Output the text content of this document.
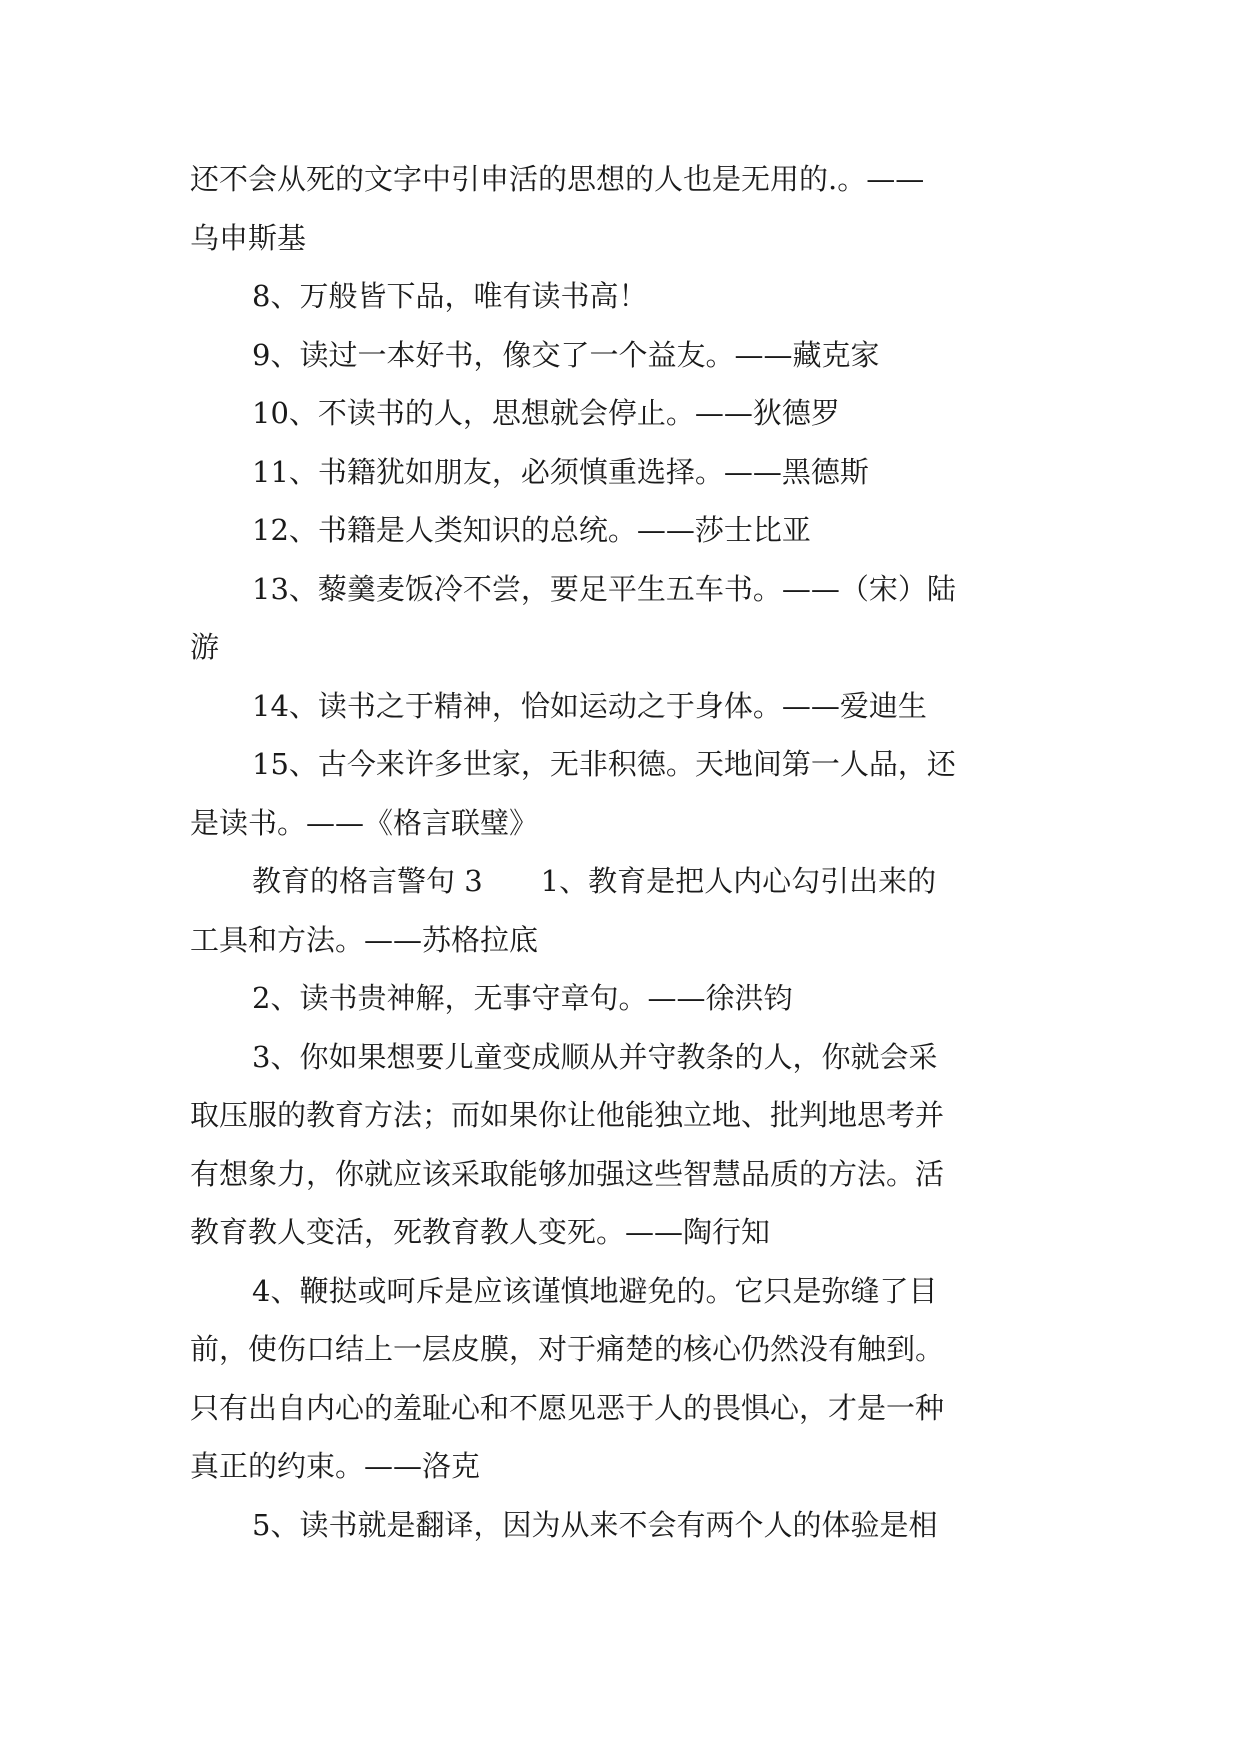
还不会从死的文字中引申活的思想的人也是无用的.。——

乌申斯基

8、万般皆下品，唯有读书高！

9、读过一本好书，像交了一个益友。——藏克家

10、不读书的人，思想就会停止。——狄德罗

11、书籍犹如朋友，必须慎重选择。——黑德斯

12、书籍是人类知识的总统。——莎士比亚

13、藜羹麦饭冷不尝，要足平生五车书。——（宋）陆

游

14、读书之于精神，恰如运动之于身体。——爱迪生

15、古今来许多世家，无非积德。天地间第一人品，还

是读书。——《格言联璧》

教育的格言警句 3　　1、教育是把人内心勾引出来的

工具和方法。——苏格拉底

2、读书贵神解，无事守章句。——徐洪钧

3、你如果想要儿童变成顺从并守教条的人，你就会采

取压服的教育方法；而如果你让他能独立地、批判地思考并

有想象力，你就应该采取能够加强这些智慧品质的方法。活

教育教人变活，死教育教人变死。——陶行知

4、鞭挞或呵斥是应该谨慎地避免的。它只是弥缝了目

前，使伤口结上一层皮膜，对于痛楚的核心仍然没有触到。

只有出自内心的羞耻心和不愿见恶于人的畏惧心，才是一种

真正的约束。——洛克

5、读书就是翻译，因为从来不会有两个人的体验是相
